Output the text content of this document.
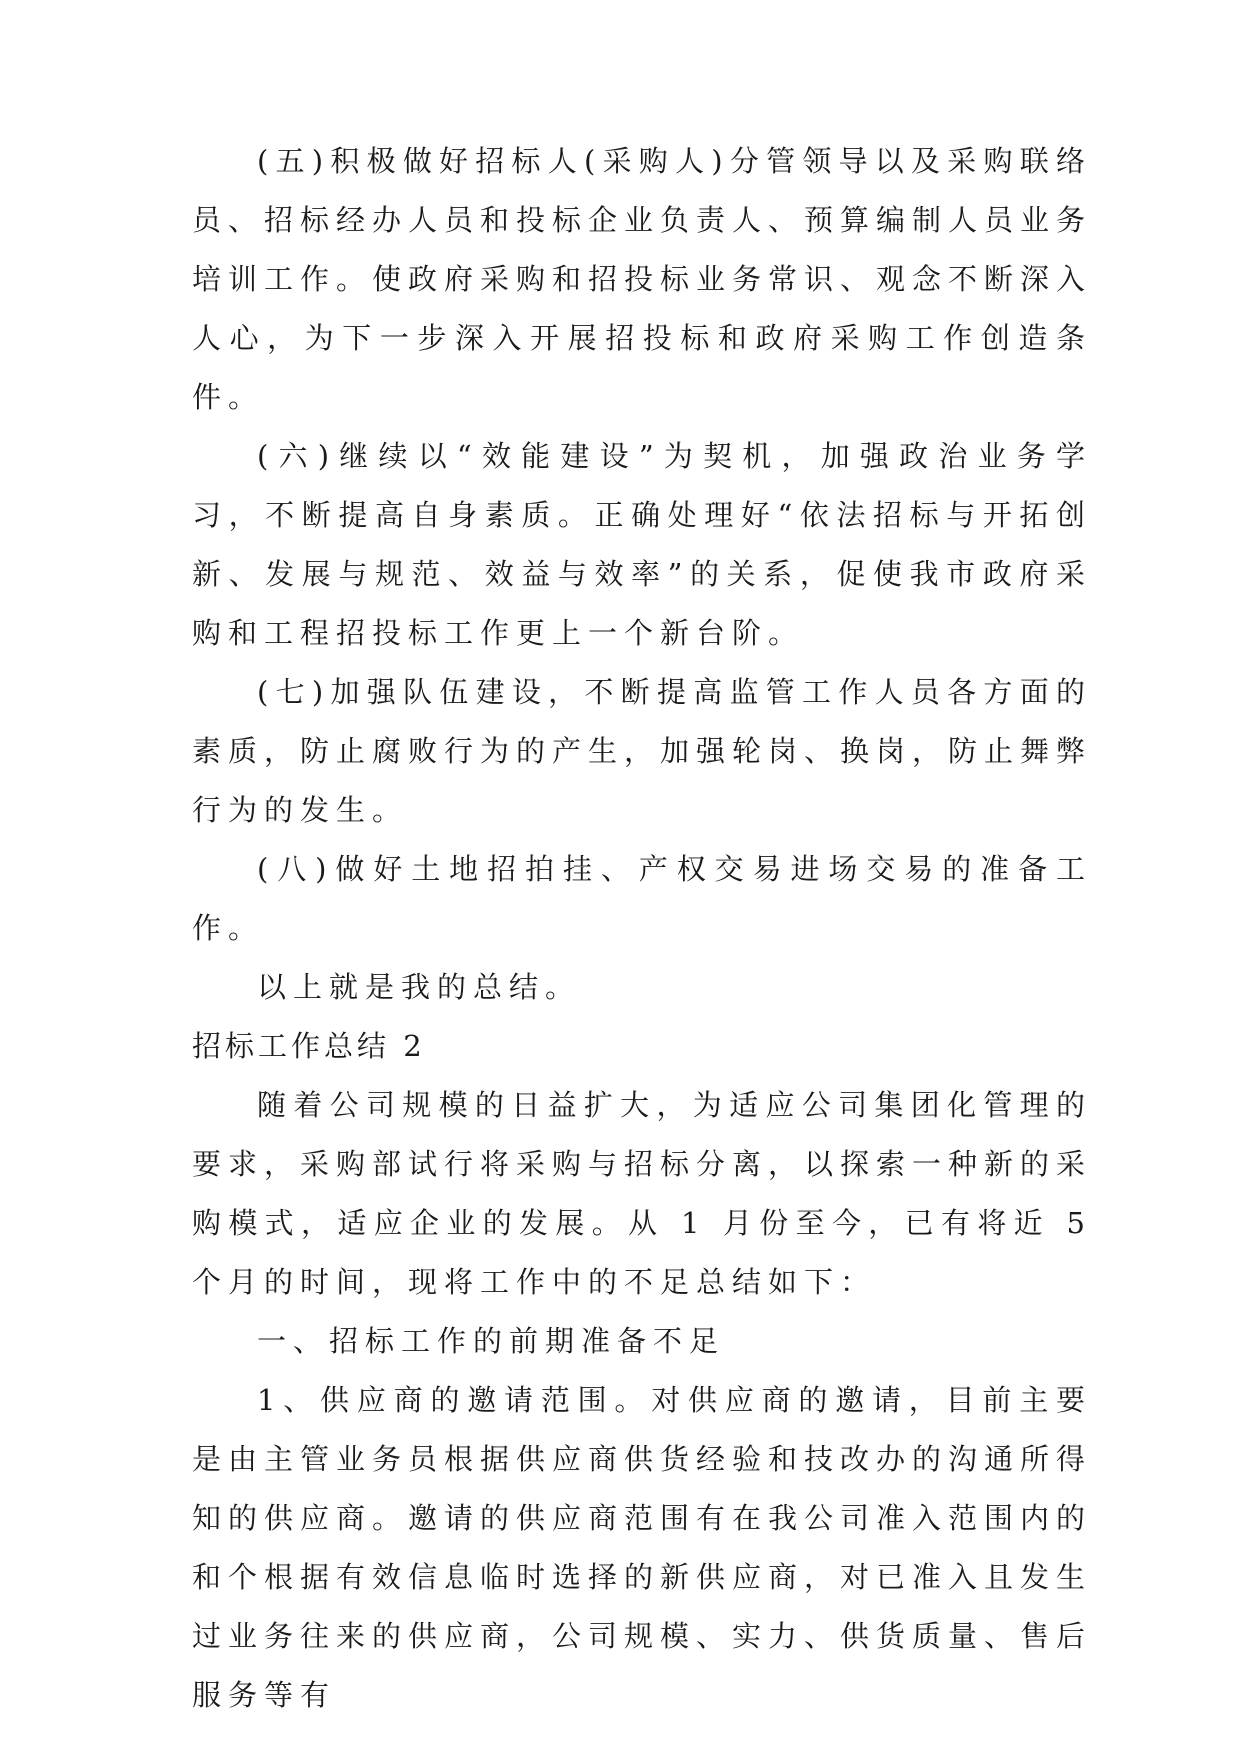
(五)积极做好招标人(采购人)分管领导以及采购联络员、招标经办人员和投标企业负责人、预算编制人员业务培训工作。使政府采购和招投标业务常识、观念不断深入人心，为下一步深入开展招投标和政府采购工作创造条件。

(六)继续以“效能建设”为契机，加强政治业务学习，不断提高自身素质。正确处理好“依法招标与开拓创新、发展与规范、效益与效率”的关系，促使我市政府采购和工程招投标工作更上一个新台阶。

(七)加强队伍建设，不断提高监管工作人员各方面的素质，防止腐败行为的产生，加强轮岗、换岗，防止舞弊行为的发生。

(八)做好土地招拍挂、产权交易进场交易的准备工作。

以上就是我的总结。

招标工作总结 2

随着公司规模的日益扩大，为适应公司集团化管理的要求，采购部试行将采购与招标分离，以探索一种新的采购模式，适应企业的发展。从 1 月份至今，已有将近 5 个月的时间，现将工作中的不足总结如下：

一、招标工作的前期准备不足

1、供应商的邀请范围。对供应商的邀请，目前主要是由主管业务员根据供应商供货经验和技改办的沟通所得知的供应商。邀请的供应商范围有在我公司准入范围内的和个根据有效信息临时选择的新供应商，对已准入且发生过业务往来的供应商，公司规模、实力、供货质量、售后服务等有
